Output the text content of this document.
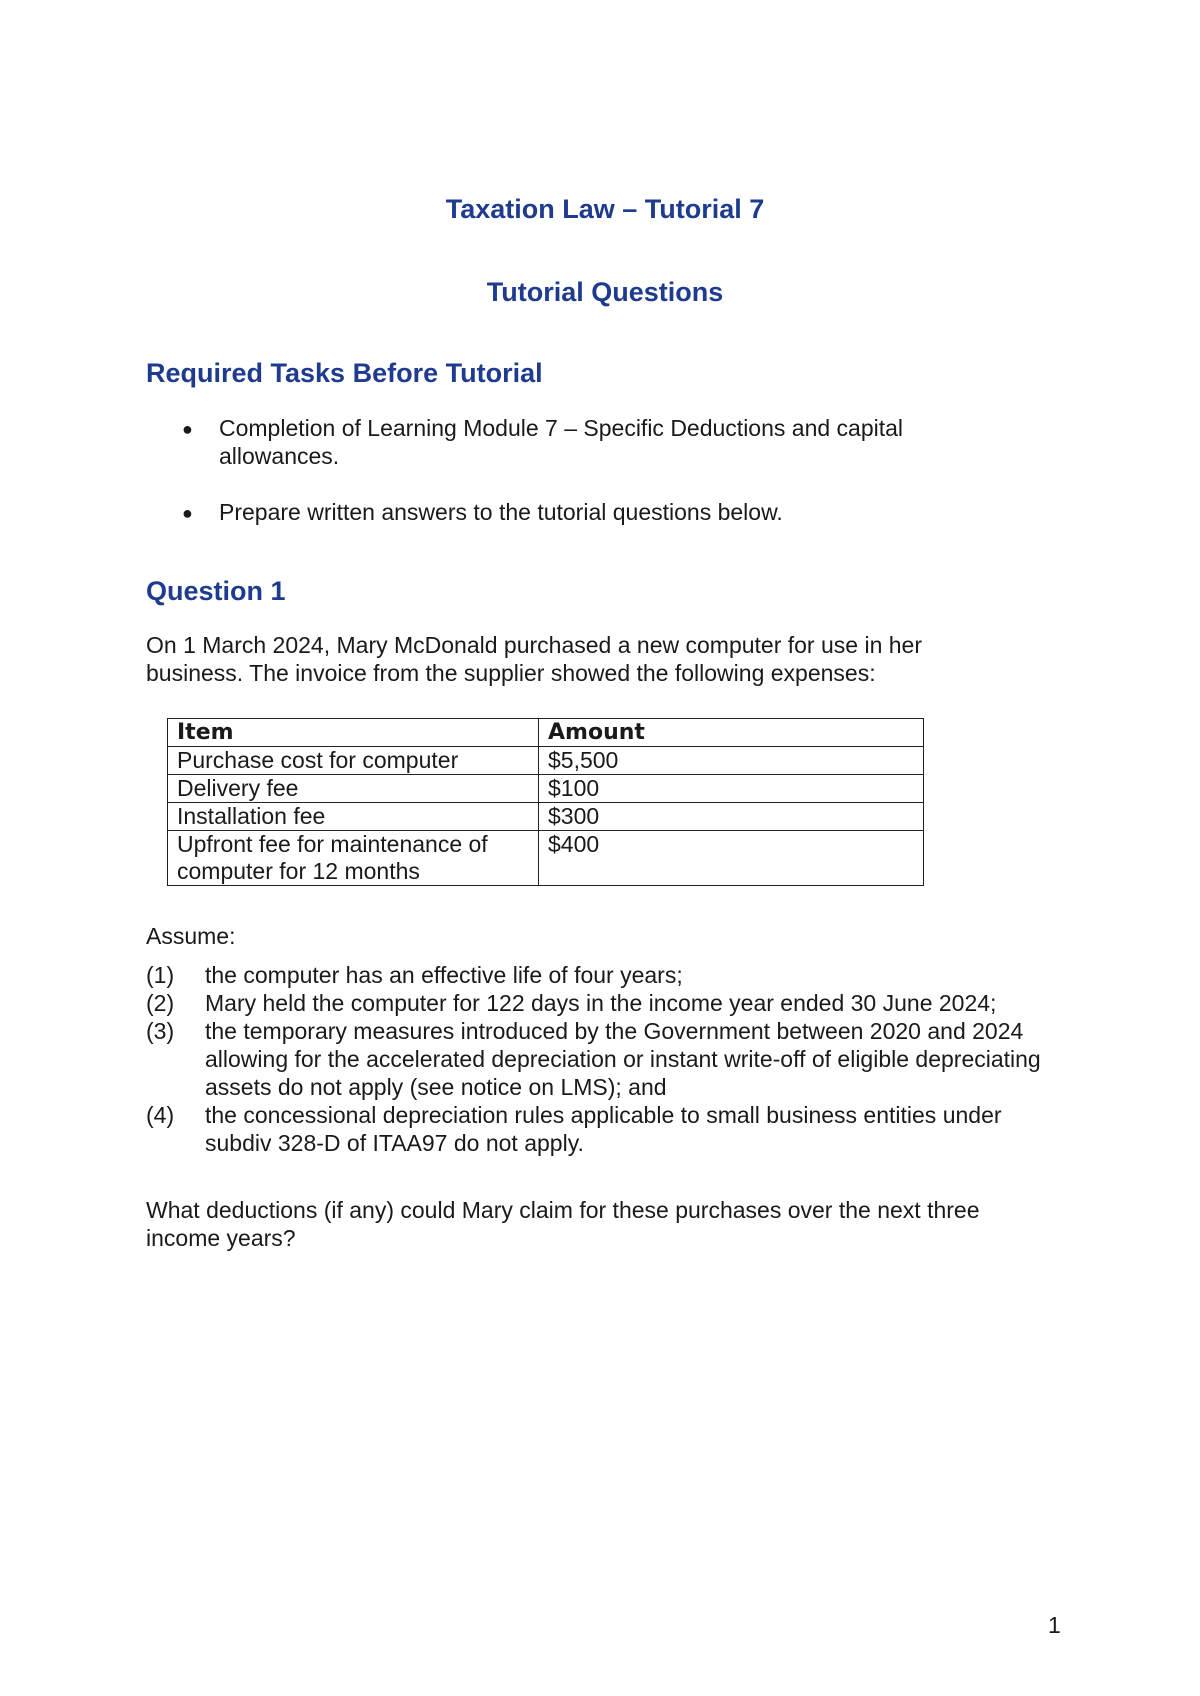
Taxation Law – Tutorial 7
Tutorial Questions
Required Tasks Before Tutorial
● Completion of Learning Module 7 – Specific Deductions and capital allowances.
● Prepare written answers to the tutorial questions below.
Question 1
On 1 March 2024, Mary McDonald purchased a new computer for use in her business. The invoice from the supplier showed the following expenses:
Item	Amount
Purchase cost for computer	$5,500
Delivery fee	$100
Installation fee	$300
Upfront fee for maintenance of computer for 12 months	$400
Assume:
(1) the computer has an effective life of four years;
(2) Mary held the computer for 122 days in the income year ended 30 June 2024;
(3) the temporary measures introduced by the Government between 2020 and 2024 allowing for the accelerated depreciation or instant write-off of eligible depreciating assets do not apply (see notice on LMS); and
(4) the concessional depreciation rules applicable to small business entities under subdiv 328-D of ITAA97 do not apply.
What deductions (if any) could Mary claim for these purchases over the next three income years?
1
